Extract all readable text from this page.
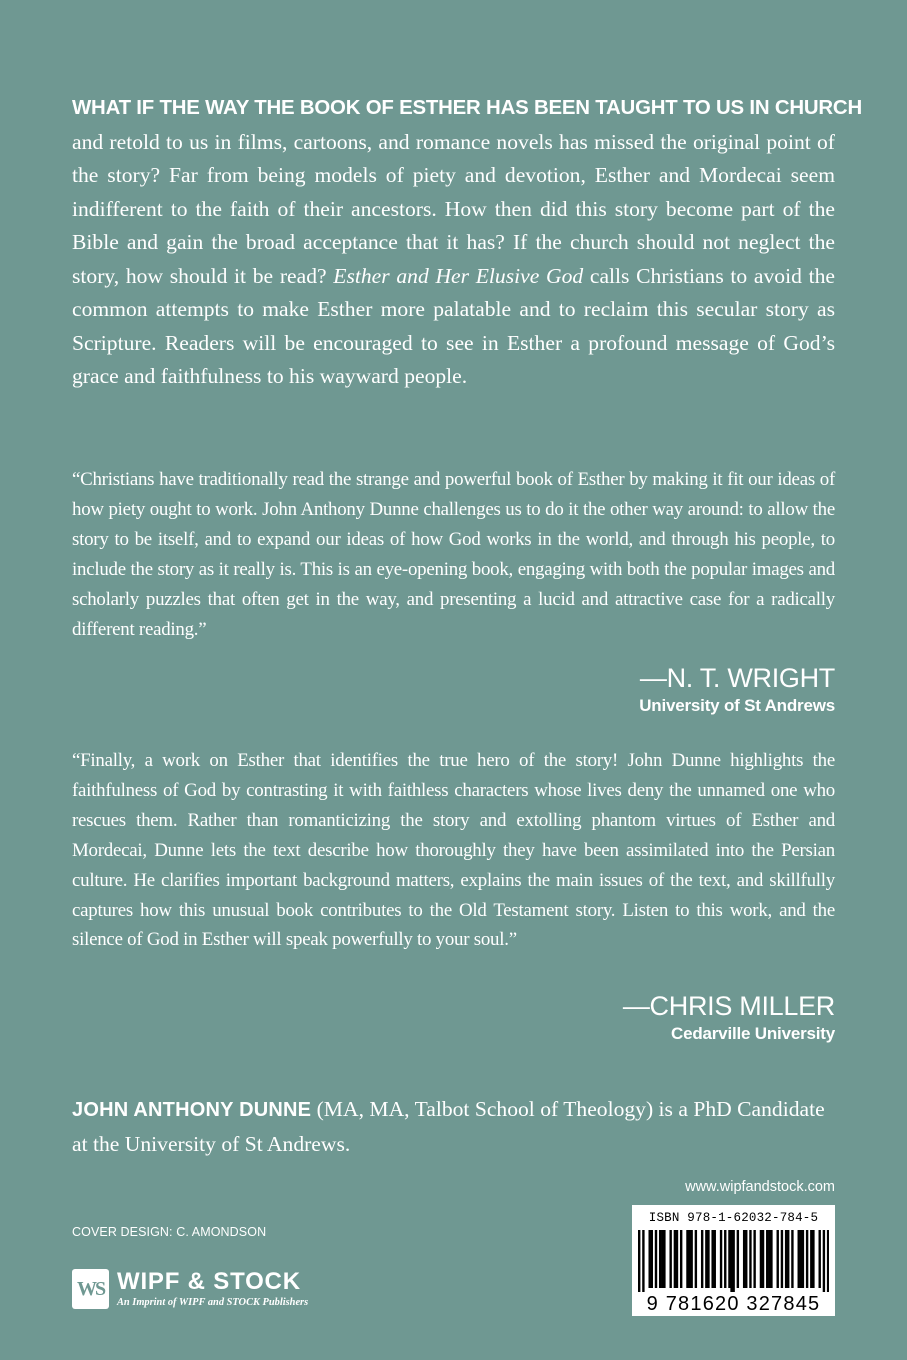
WHAT IF THE WAY THE BOOK OF ESTHER HAS BEEN TAUGHT TO US IN CHURCH
and retold to us in films, cartoons, and romance novels has missed the original point of the story? Far from being models of piety and devotion, Esther and Mordecai seem indifferent to the faith of their ancestors. How then did this story become part of the Bible and gain the broad acceptance that it has? If the church should not neglect the story, how should it be read? Esther and Her Elusive God calls Christians to avoid the common attempts to make Esther more palatable and to reclaim this secular story as Scripture. Readers will be encouraged to see in Esther a profound message of God’s grace and faithfulness to his wayward people.
“Christians have traditionally read the strange and powerful book of Esther by making it fit our ideas of how piety ought to work. John Anthony Dunne challenges us to do it the other way around: to allow the story to be itself, and to expand our ideas of how God works in the world, and through his people, to include the story as it really is. This is an eye-opening book, engaging with both the popular images and scholarly puzzles that often get in the way, and presenting a lucid and attractive case for a radically different reading.”
—N. T. WRIGHT
University of St Andrews
“Finally, a work on Esther that identifies the true hero of the story! John Dunne highlights the faithfulness of God by contrasting it with faithless characters whose lives deny the unnamed one who rescues them. Rather than romanticizing the story and extolling phantom virtues of Esther and Mordecai, Dunne lets the text describe how thoroughly they have been assimilated into the Persian culture. He clarifies important background matters, explains the main issues of the text, and skillfully captures how this unusual book contributes to the Old Testament story. Listen to this work, and the silence of God in Esther will speak powerfully to your soul.”
—CHRIS MILLER
Cedarville University
JOHN ANTHONY DUNNE (MA, MA, Talbot School of Theology) is a PhD Candidate at the University of St Andrews.
www.wipfandstock.com
COVER DESIGN: C. AMONDSON
WS WIPF & STOCK
An Imprint of WIPF and STOCK Publishers
ISBN 978-1-62032-784-5
9 781620 327845
